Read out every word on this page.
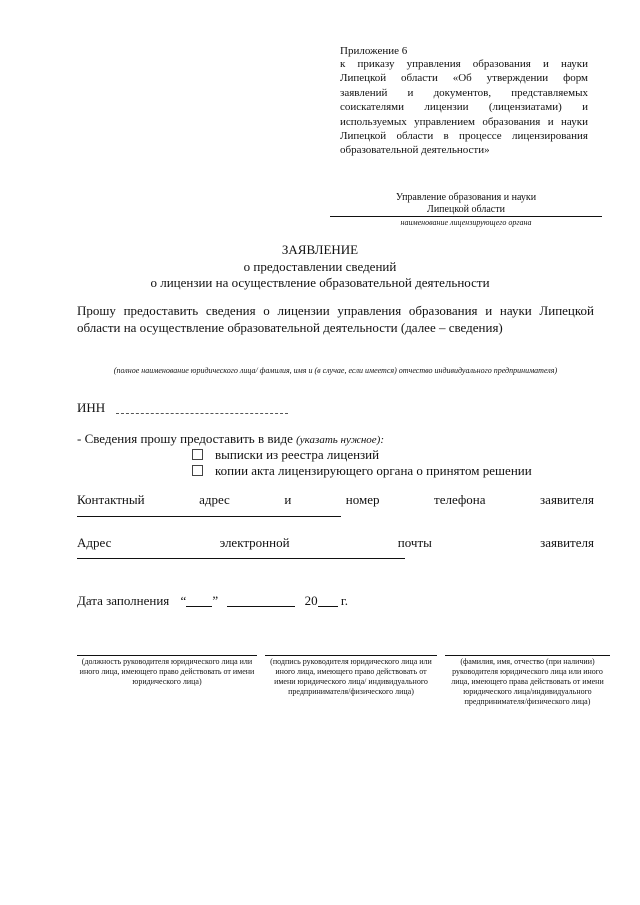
Приложение 6
к приказу управления образования и науки Липецкой области «Об утверждении форм заявлений и документов, представляемых соискателями лицензии (лицензиатами) и используемых управлением образования и науки Липецкой области в процессе лицензирования образовательной деятельности»
Управление образования и науки
Липецкой области
наименование лицензирующего органа
ЗАЯВЛЕНИЕ
о предоставлении сведений
о лицензии на осуществление образовательной деятельности
Прошу предоставить сведения о лицензии управления образования и науки Липецкой области на осуществление образовательной деятельности (далее – сведения)
(полное наименование юридического лица/ фамилия, имя и (в случае, если имеется) отчество индивидуального предпринимателя)
ИНН
- Сведения прошу предоставить в виде (указать нужное):
выписки из реестра лицензий
копии акта лицензирующего органа о принятом решении
Контактный	адрес	и	номер	телефона	заявителя
Адрес	электронной	почты	заявителя
Дата заполнения “ ”	20 г.
(должность руководителя юридического лица или иного лица, имеющего право действовать от имени юридического лица)
(подпись руководителя юридического лица или иного лица, имеющего право действовать от имени юридического лица/ индивидуального предпринимателя/физического лица)
(фамилия, имя, отчество (при наличии) руководителя юридического лица или иного лица, имеющего права действовать от имени юридического лица/индивидуального предпринимателя/физического лица)
